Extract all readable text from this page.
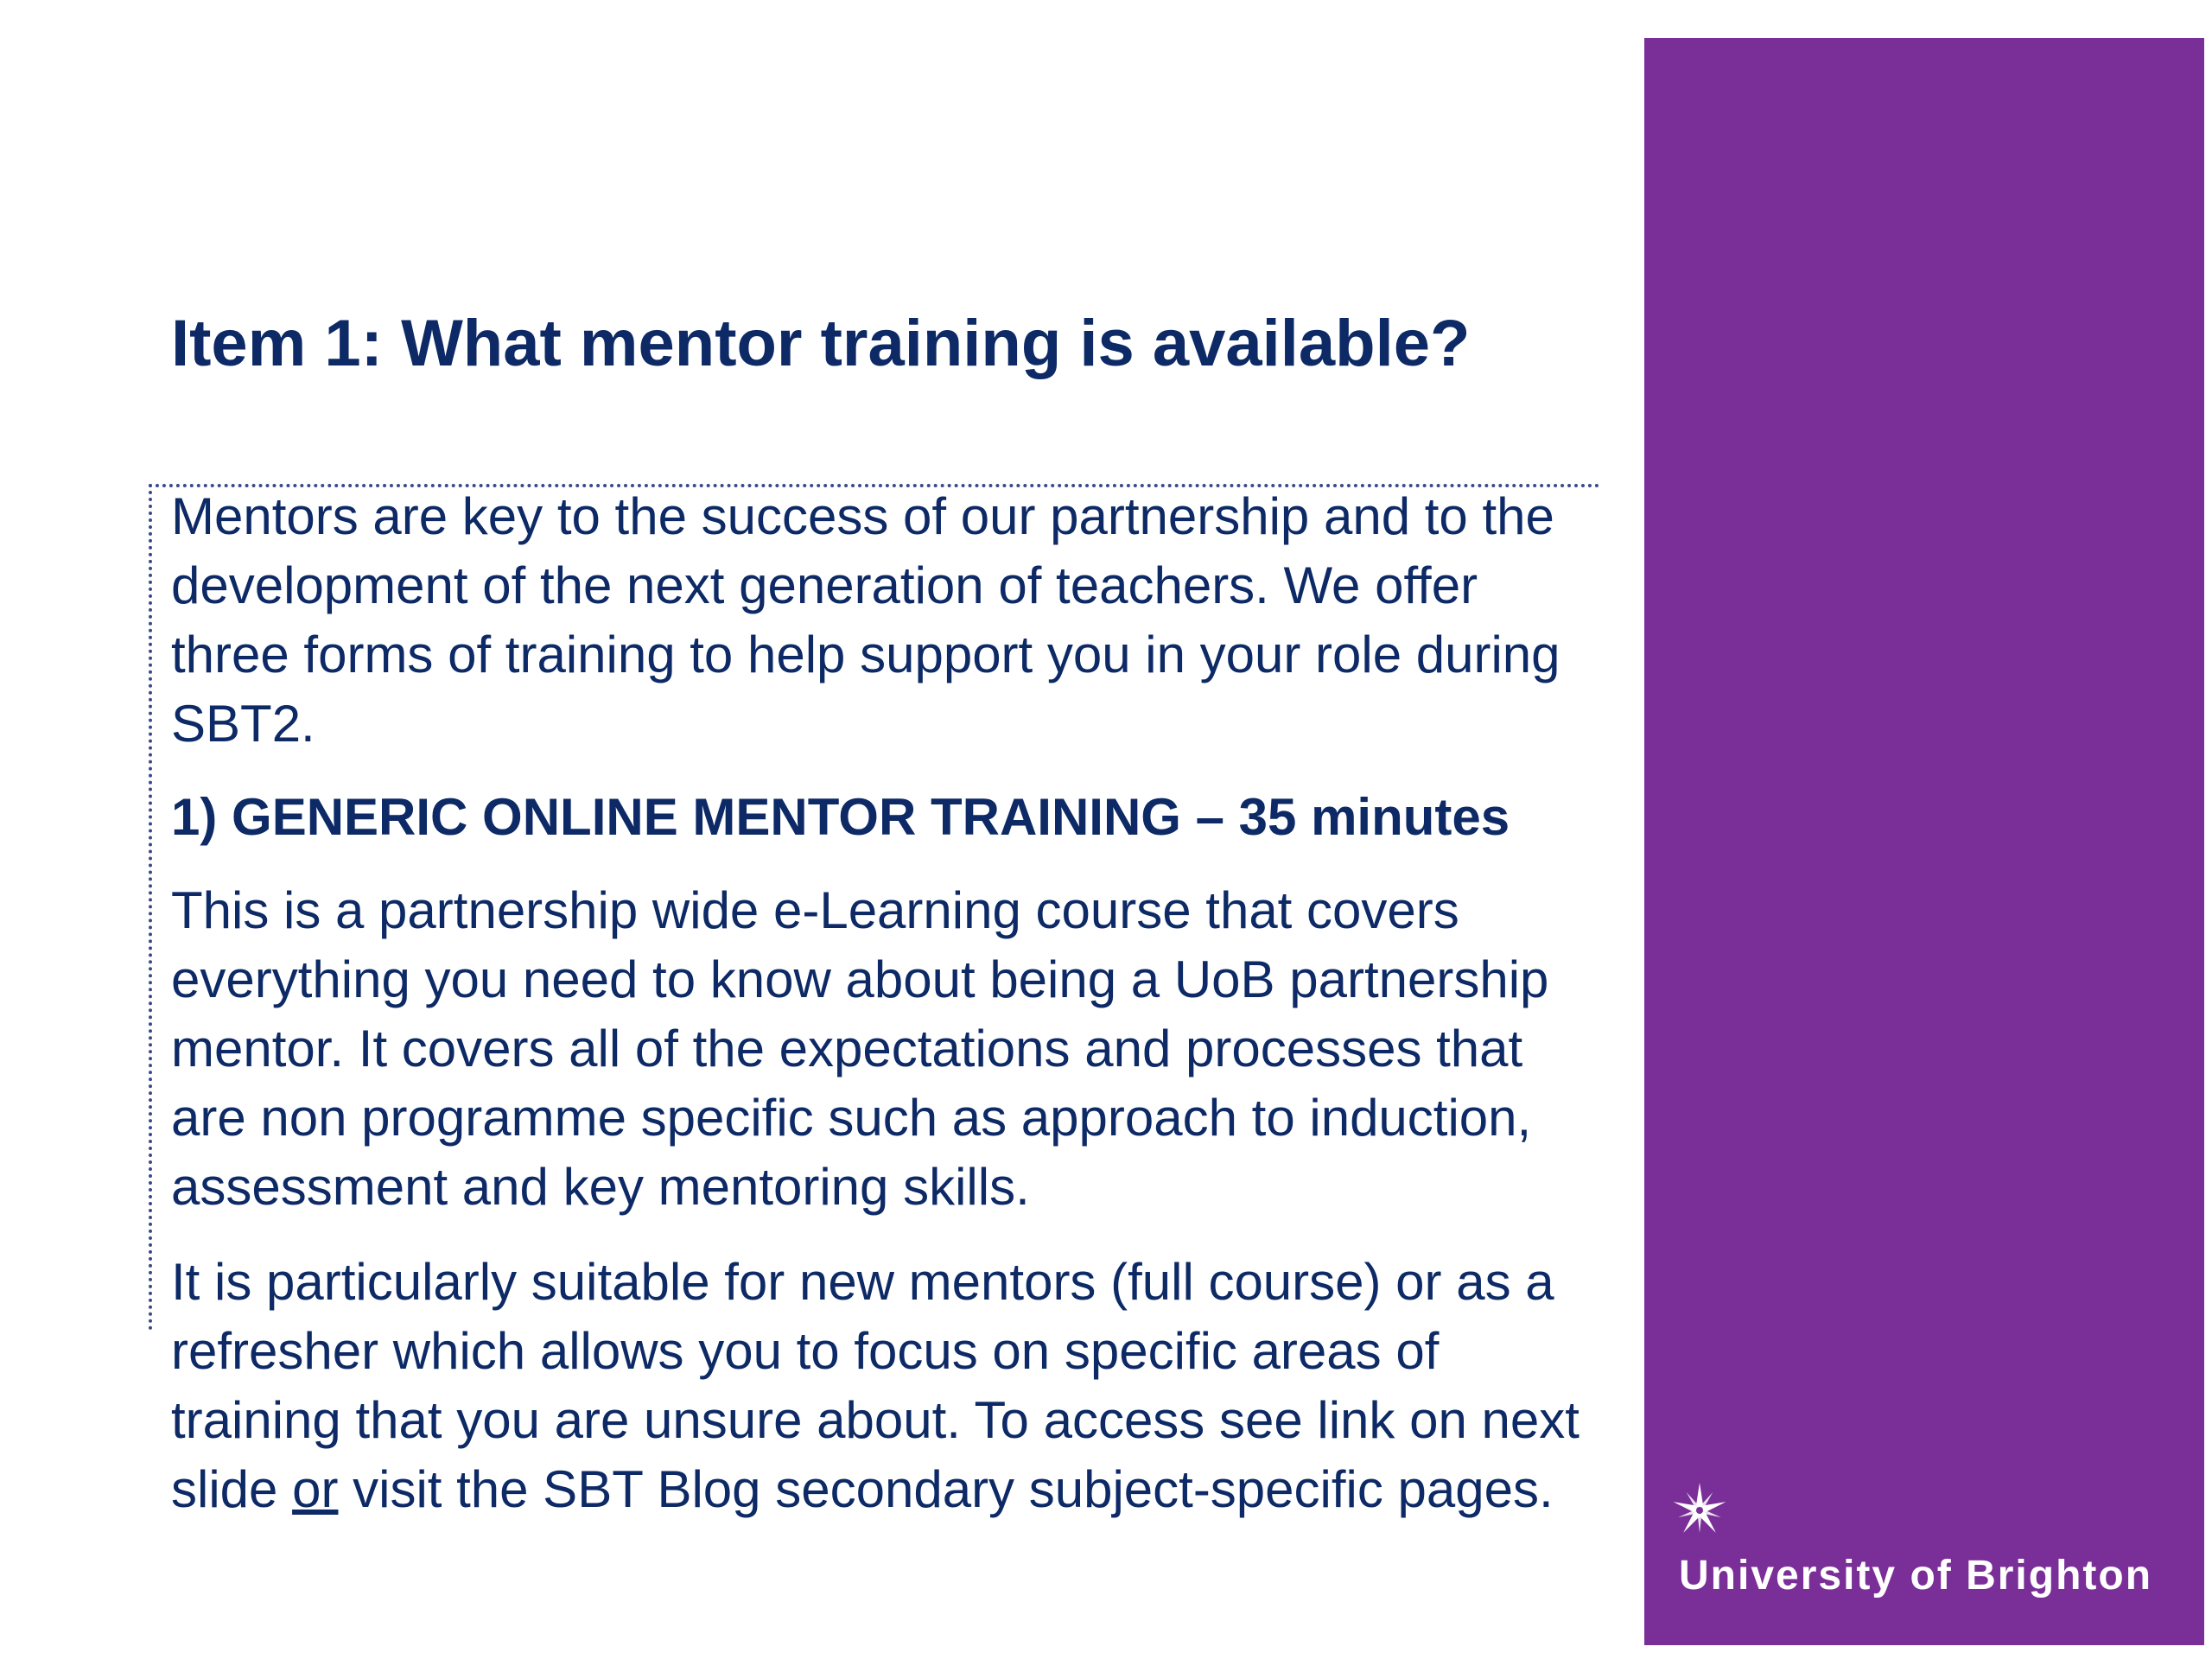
Item 1: What mentor training is available?

Mentors are key to the success of our partnership and to the development of the next generation of teachers. We offer three forms of training to help support you in your role during SBT2.

1) GENERIC ONLINE MENTOR TRAINING – 35 minutes

This is a partnership wide e-Learning course that covers everything you need to know about being a UoB partnership mentor. It covers all of the expectations and processes that are non programme specific such as approach to induction, assessment and key mentoring skills.

It is particularly suitable for new mentors (full course) or as a refresher which allows you to focus on specific areas of training that you are unsure about. To access see link on next slide or visit the SBT Blog secondary subject-specific pages.

University of Brighton
